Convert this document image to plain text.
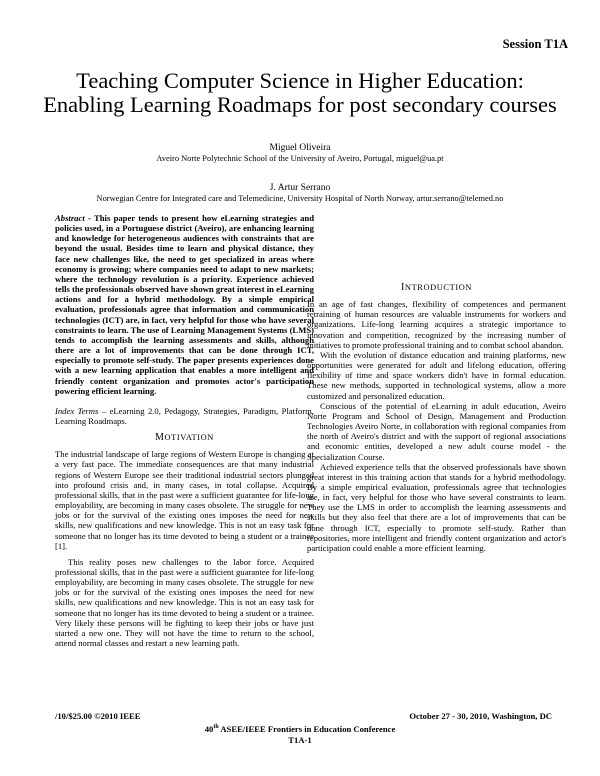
Session T1A
Teaching Computer Science in Higher Education: Enabling Learning Roadmaps for post secondary courses
Miguel Oliveira
Aveiro Norte Polytechnic School of the University of Aveiro, Portugal, miguel@ua.pt
J. Artur Serrano
Norwegian Centre for Integrated care and Telemedicine, University Hospital of North Norway, artur.serrano@telemed.no

Abstract - This paper tends to present how eLearning strategies and policies used, in a Portuguese district (Aveiro), are enhancing learning and knowledge for heterogeneous audiences with constraints that are beyond the usual. Besides time to learn and physical distance, they face new challenges like, the need to get specialized in areas where economy is growing; where companies need to adapt to new markets; where the technology revolution is a priority. Experience achieved tells the professionals observed have shown great interest in eLearning actions and for a hybrid methodology. By a simple empirical evaluation, professionals agree that information and communication technologies (ICT) are, in fact, very helpful for those who have several constraints to learn. The use of Learning Management Systems (LMS) tends to accomplish the learning assessments and skills, although there are a lot of improvements that can be done through ICT, especially to promote self-study. The paper presents experiences done with a new learning application that enables a more intelligent and friendly content organization and promotes actor's participation powering efficient learning.

Index Terms – eLearning 2.0, Pedagogy, Strategies, Paradigm, Platform, Learning Roadmaps.

MOTIVATION

The industrial landscape of large regions of Western Europe is changing at a very fast pace. The immediate consequences are that many industrial regions of Western Europe see their traditional industrial sectors plunged into profound crisis and, in many cases, in total collapse. Acquired professional skills, that in the past were a sufficient guarantee for life-long employability, are becoming in many cases obsolete. The struggle for new jobs or for the survival of the existing ones imposes the need for new skills, new qualifications and new knowledge. This is not an easy task for someone that no longer has its time devoted to being a student or a trainee [1].

This reality poses new challenges to the labor force. Acquired professional skills, that in the past were a sufficient guarantee for life-long employability, are becoming in many cases obsolete. The struggle for new jobs or for the survival of the existing ones imposes the need for new skills, new qualifications and new knowledge. This is not an easy task for someone that no longer has its time devoted to being a student or a trainee. Very likely these persons will be fighting to keep their jobs or have just started a new one. They will not have the time to return to the school, attend normal classes and restart a new learning path.

INTRODUCTION

In an age of fast changes, flexibility of competences and permanent retraining of human resources are valuable instruments for workers and organizations. Life-long learning acquires a strategic importance to innovation and competition, recognized by the increasing number of initiatives to promote professional training and to combat school abandon.

With the evolution of distance education and training platforms, new opportunities were generated for adult and lifelong education, offering flexibility of time and space workers didn't have in formal education. These new methods, supported in technological systems, allow a more customized and personalized education.

Conscious of the potential of eLearning in adult education, Aveiro Norte Program and School of Design, Management and Production Technologies Aveiro Norte, in collaboration with regional companies from the north of Aveiro's district and with the support of regional associations and economic entities, developed a new adult course model - the Specialization Course.

Achieved experience tells that the observed professionals have shown great interest in this training action that stands for a hybrid methodology. By a simple empirical evaluation, professionals agree that technologies are, in fact, very helpful for those who have several constraints to learn. They use the LMS in order to accomplish the learning assessments and skills but they also feel that there are a lot of improvements that can be done through ICT, especially to promote self-study. Rather than repositories, more intelligent and friendly content organization and actor's participation could enable a more efficient learning.

/10/$25.00 ©2010 IEEE	October 27 - 30, 2010, Washington, DC
40th ASEE/IEEE Frontiers in Education Conference
T1A-1
